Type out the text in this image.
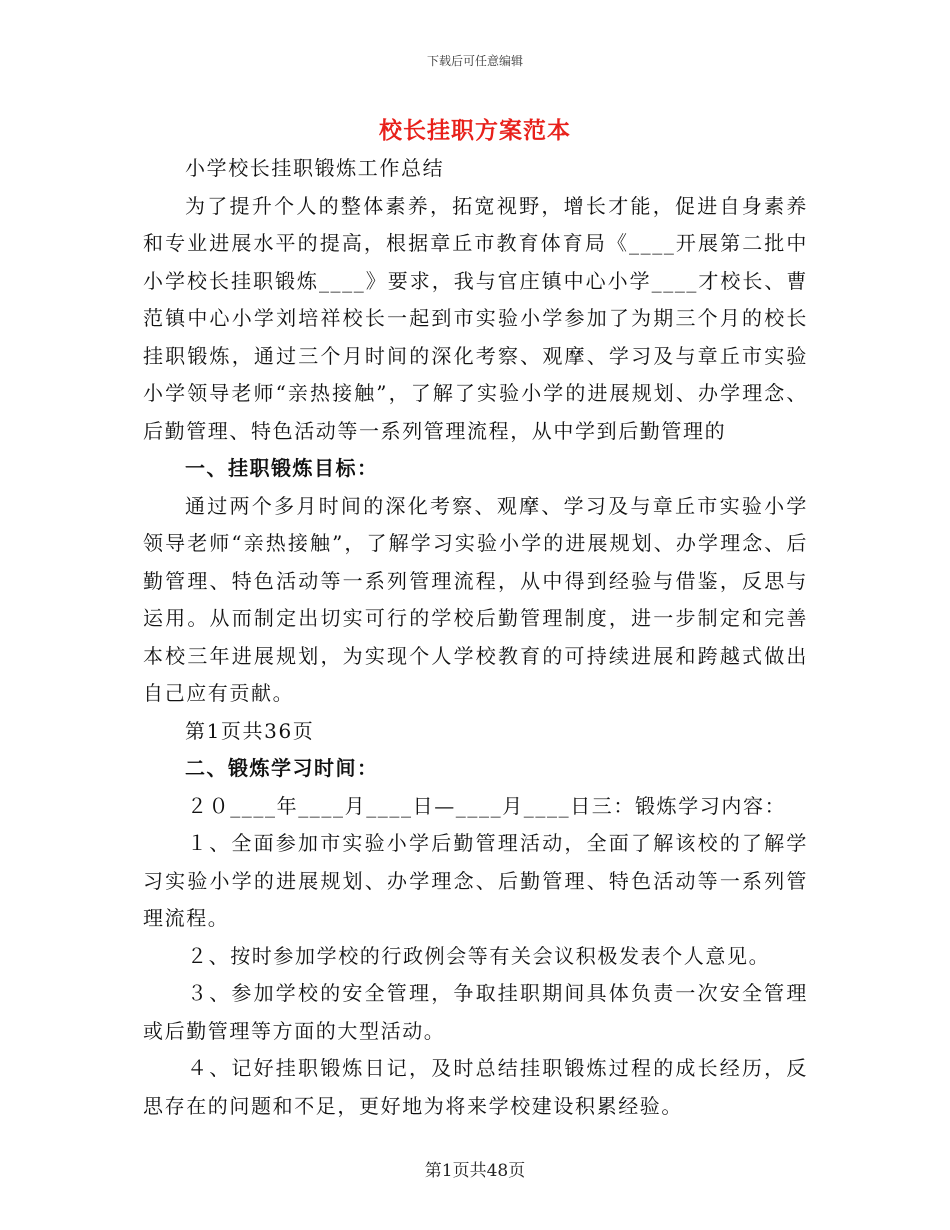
下载后可任意编辑
校长挂职方案范本

小学校长挂职锻炼工作总结

为了提升个人的整体素养，拓宽视野，增长才能，促进自身素养和专业进展水平的提高，根据章丘市教育体育局《____开展第二批中小学校长挂职锻炼____》要求，我与官庄镇中心小学____才校长、曹范镇中心小学刘培祥校长一起到市实验小学参加了为期三个月的校长挂职锻炼，通过三个月时间的深化考察、观摩、学习及与章丘市实验小学领导老师“亲热接触”，了解了实验小学的进展规划、办学理念、后勤管理、特色活动等一系列管理流程，从中学到后勤管理的

一、挂职锻炼目标：

通过两个多月时间的深化考察、观摩、学习及与章丘市实验小学领导老师“亲热接触”，了解学习实验小学的进展规划、办学理念、后勤管理、特色活动等一系列管理流程，从中得到经验与借鉴，反思与运用。从而制定出切实可行的学校后勤管理制度，进一步制定和完善本校三年进展规划，为实现个人学校教育的可持续进展和跨越式做出自己应有贡献。

第1页共36页

二、锻炼学习时间：

２０____年____月____日—____月____日三：锻炼学习内容：

１、全面参加市实验小学后勤管理活动，全面了解该校的了解学习实验小学的进展规划、办学理念、后勤管理、特色活动等一系列管理流程。

２、按时参加学校的行政例会等有关会议积极发表个人意见。

３、参加学校的安全管理，争取挂职期间具体负责一次安全管理或后勤管理等方面的大型活动。

４、记好挂职锻炼日记，及时总结挂职锻炼过程的成长经历，反思存在的问题和不足，更好地为将来学校建设积累经验。

第1页共48页
